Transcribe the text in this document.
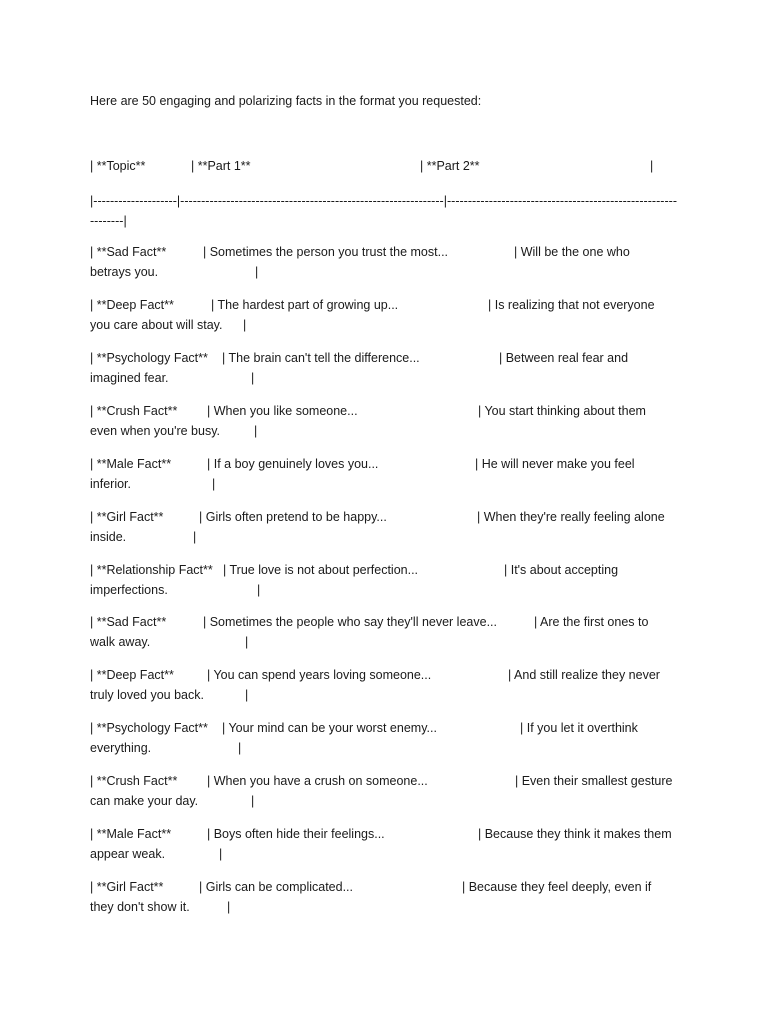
Here are 50 engaging and polarizing facts in the format you requested:

| **Topic**

	| **Part 1**

	| **Part 2**

	|

|--------------------|---------------------------------------------------------------|---------------------------------------------------------------|
| **Sad Fact**	| Sometimes the person you trust the most...	| Will be the one who
betrays you.	|
| **Deep Fact**	| The hardest part of growing up...	| Is realizing that not everyone
you care about will stay. |
| **Psychology Fact** | The brain can't tell the difference...	| Between real fear and
imagined fear.	|
| **Crush Fact** | When you like someone...	| You start thinking about them
even when you're busy.	|
| **Male Fact**	| If a boy genuinely loves you...	| He will never make you feel
inferior.	|
| **Girl Fact**	| Girls often pretend to be happy...	| When they're really feeling alone
inside.	|
| **Relationship Fact** | True love is not about perfection...	| It's about accepting
imperfections.	|
| **Sad Fact**	| Sometimes the people who say they'll never leave...	| Are the first ones to
walk away.	|
| **Deep Fact**	| You can spend years loving someone...	| And still realize they never
truly loved you back.	|
| **Psychology Fact** | Your mind can be your worst enemy...	| If you let it overthink
everything.	|
| **Crush Fact** | When you have a crush on someone...	| Even their smallest gesture
can make your day.	|
| **Male Fact**	| Boys often hide their feelings...	| Because they think it makes them
appear weak.	|
| **Girl Fact**	| Girls can be complicated...	| Because they feel deeply, even if
they don't show it.	|
